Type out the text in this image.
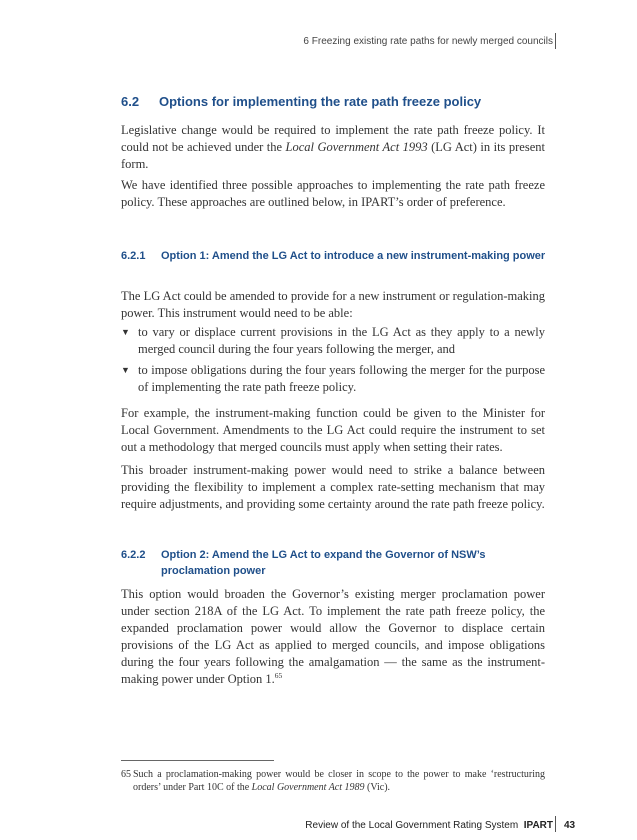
6 Freezing existing rate paths for newly merged councils
6.2 Options for implementing the rate path freeze policy

Legislative change would be required to implement the rate path freeze policy. It could not be achieved under the Local Government Act 1993 (LG Act) in its present form.

We have identified three possible approaches to implementing the rate path freeze policy. These approaches are outlined below, in IPART’s order of preference.

6.2.1 Option 1: Amend the LG Act to introduce a new instrument-making power

The LG Act could be amended to provide for a new instrument or regulation-making power. This instrument would need to be able:

▼ to vary or displace current provisions in the LG Act as they apply to a newly merged council during the four years following the merger, and
▼ to impose obligations during the four years following the merger for the purpose of implementing the rate path freeze policy.

For example, the instrument-making function could be given to the Minister for Local Government. Amendments to the LG Act could require the instrument to set out a methodology that merged councils must apply when setting their rates.

This broader instrument-making power would need to strike a balance between providing the flexibility to implement a complex rate-setting mechanism that may require adjustments, and providing some certainty around the rate path freeze policy.

6.2.2 Option 2: Amend the LG Act to expand the Governor of NSW’s proclamation power

This option would broaden the Governor’s existing merger proclamation power under section 218A of the LG Act. To implement the rate path freeze policy, the expanded proclamation power would allow the Governor to displace certain provisions of the LG Act as applied to merged councils, and impose obligations during the four years following the amalgamation — the same as the instrument-making power under Option 1.65

65 Such a proclamation-making power would be closer in scope to the power to make ‘restructuring orders’ under Part 10C of the Local Government Act 1989 (Vic).
Review of the Local Government Rating System IPART 43
